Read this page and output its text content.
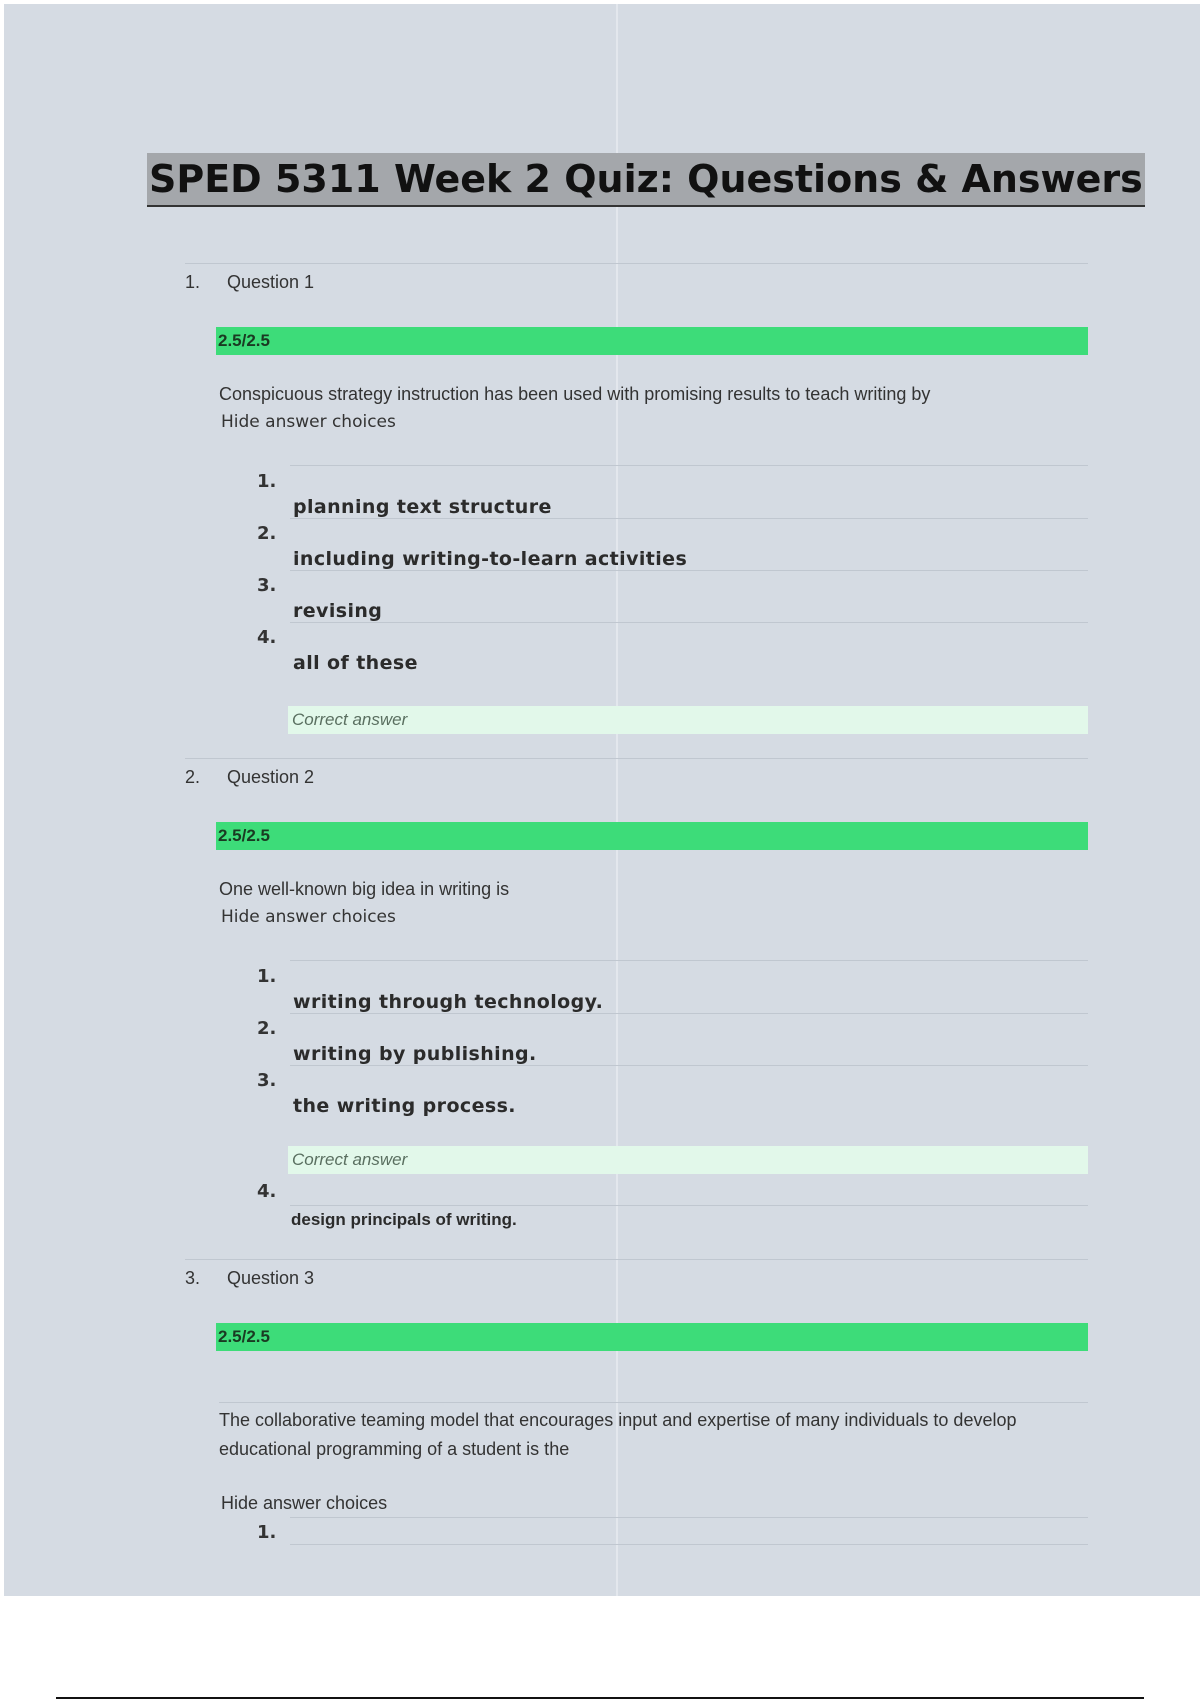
SPED 5311 Week 2 Quiz: Questions & Answers
1. Question 1
2.5/2.5
Conspicuous strategy instruction has been used with promising results to teach writing by
Hide answer choices
1.
planning text structure
2.
including writing-to-learn activities
3.
revising
4.
all of these
Correct answer
2. Question 2
2.5/2.5
One well-known big idea in writing is
Hide answer choices
1.
writing through technology.
2.
writing by publishing.
3.
the writing process.
Correct answer
4.
design principals of writing.
3. Question 3
2.5/2.5
The collaborative teaming model that encourages input and expertise of many individuals to develop
educational programming of a student is the
Hide answer choices
1.
